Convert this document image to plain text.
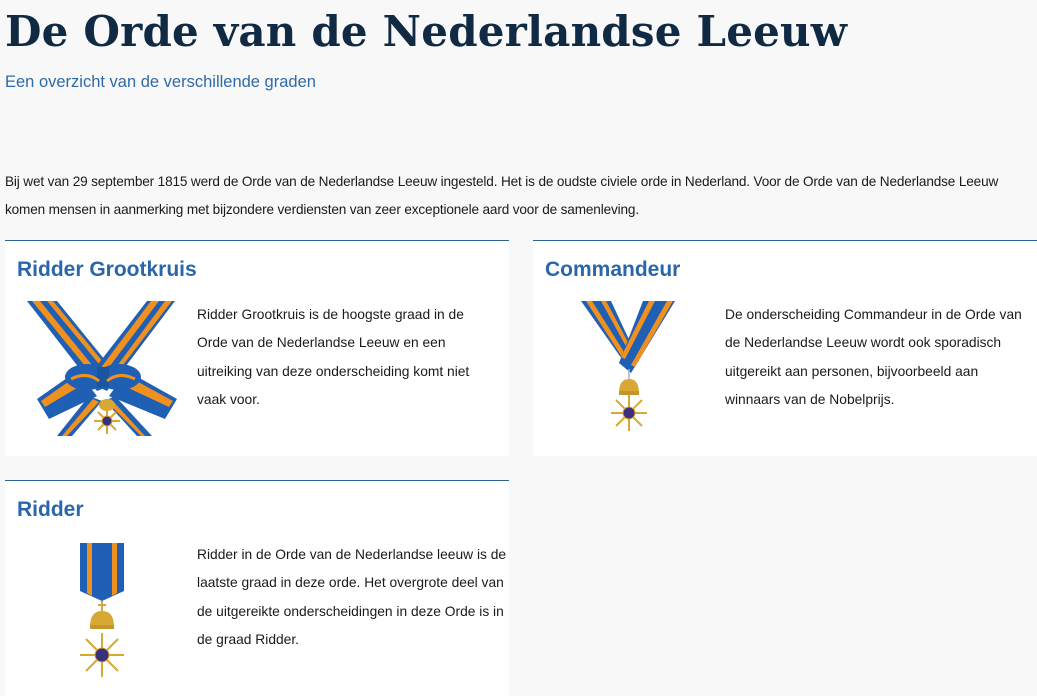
De Orde van de Nederlandse Leeuw

Een overzicht van de verschillende graden

Bij wet van 29 september 1815 werd de Orde van de Nederlandse Leeuw ingesteld. Het is de oudste civiele orde in Nederland. Voor de Orde van de Nederlandse Leeuw komen mensen in aanmerking met bijzondere verdiensten van zeer exceptionele aard voor de samenleving.

Ridder Grootkruis

Ridder Grootkruis is de hoogste graad in de Orde van de Nederlandse Leeuw en een uitreiking van deze onderscheiding komt niet vaak voor.

Commandeur

De onderscheiding Commandeur in de Orde van de Nederlandse Leeuw wordt ook sporadisch uitgereikt aan personen, bijvoorbeeld aan winnaars van de Nobelprijs.

Ridder

Ridder in de Orde van de Nederlandse leeuw is de laatste graad in deze orde. Het overgrote deel van de uitgereikte onderscheidingen in deze Orde is in de graad Ridder.
